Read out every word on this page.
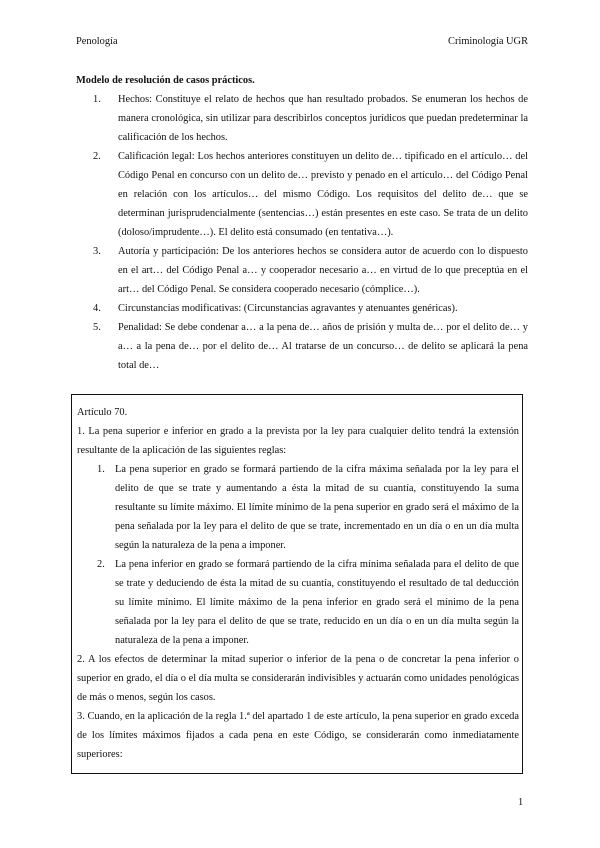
Penología	Criminología UGR

Modelo de resolución de casos prácticos.

1. Hechos: Constituye el relato de hechos que han resultado probados. Se enumeran los hechos de manera cronológica, sin utilizar para describirlos conceptos jurídicos que puedan predeterminar la calificación de los hechos.
2. Calificación legal: Los hechos anteriores constituyen un delito de… tipificado en el artículo… del Código Penal en concurso con un delito de… previsto y penado en el artículo… del Código Penal en relación con los artículos… del mismo Código. Los requisitos del delito de… que se determinan jurisprudencialmente (sentencias…) están presentes en este caso. Se trata de un delito (doloso/imprudente…). El delito está consumado (en tentativa…).
3. Autoría y participación: De los anteriores hechos se considera autor de acuerdo con lo dispuesto en el art… del Código Penal a… y cooperador necesario a… en virtud de lo que preceptúa en el art… del Código Penal. Se considera cooperado necesario (cómplice…).
4. Circunstancias modificativas: (Circunstancias agravantes y atenuantes genéricas).
5. Penalidad: Se debe condenar a… a la pena de… años de prisión y multa de… por el delito de… y a… a la pena de… por el delito de… Al tratarse de un concurso… de delito se aplicará la pena total de…

Artículo 70.

1. La pena superior e inferior en grado a la prevista por la ley para cualquier delito tendrá la extensión resultante de la aplicación de las siguientes reglas:

1. La pena superior en grado se formará partiendo de la cifra máxima señalada por la ley para el delito de que se trate y aumentando a ésta la mitad de su cuantía, constituyendo la suma resultante su límite máximo. El límite mínimo de la pena superior en grado será el máximo de la pena señalada por la ley para el delito de que se trate, incrementado en un día o en un día multa según la naturaleza de la pena a imponer.
2. La pena inferior en grado se formará partiendo de la cifra mínima señalada para el delito de que se trate y deduciendo de ésta la mitad de su cuantía, constituyendo el resultado de tal deducción su límite mínimo. El límite máximo de la pena inferior en grado será el mínimo de la pena señalada por la ley para el delito de que se trate, reducido en un día o en un día multa según la naturaleza de la pena a imponer.

2. A los efectos de determinar la mitad superior o inferior de la pena o de concretar la pena inferior o superior en grado, el día o el día multa se considerarán indivisibles y actuarán como unidades penológicas de más o menos, según los casos.

3. Cuando, en la aplicación de la regla 1.ª del apartado 1 de este artículo, la pena superior en grado exceda de los límites máximos fijados a cada pena en este Código, se considerarán como inmediatamente superiores:

1
